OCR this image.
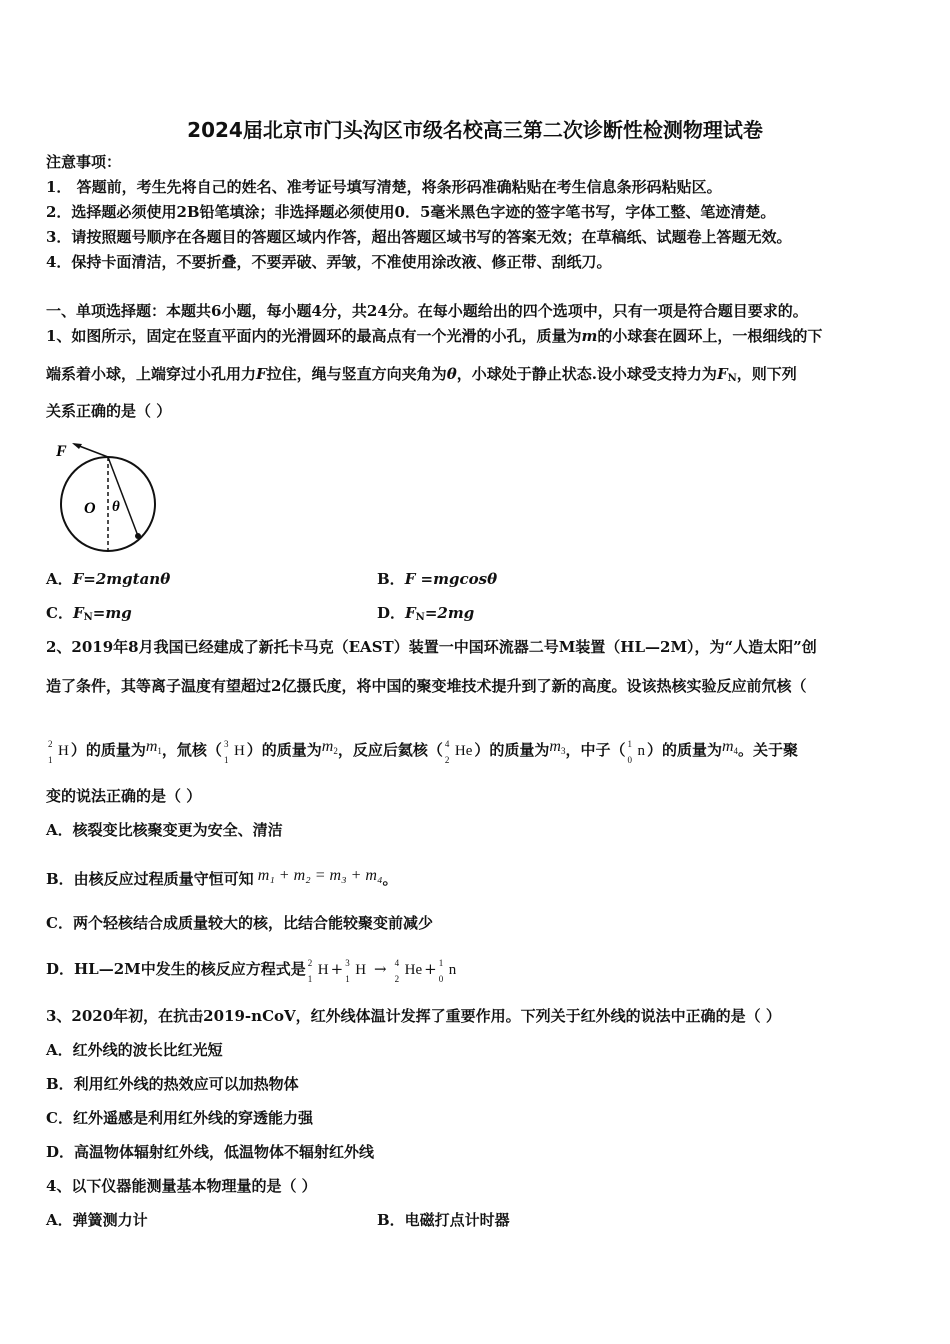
2024届北京市门头沟区市级名校高三第二次诊断性检测物理试卷
注意事项：
1． 答题前，考生先将自己的姓名、准考证号填写清楚，将条形码准确粘贴在考生信息条形码粘贴区。
2．选择题必须使用2B铅笔填涂；非选择题必须使用0．5毫米黑色字迹的签字笔书写，字体工整、笔迹清楚。
3．请按照题号顺序在各题目的答题区域内作答，超出答题区域书写的答案无效；在草稿纸、试题卷上答题无效。
4．保持卡面清洁，不要折叠，不要弄破、弄皱，不准使用涂改液、修正带、刮纸刀。
一、单项选择题：本题共6小题，每小题4分，共24分。在每小题给出的四个选项中，只有一项是符合题目要求的。
1、如图所示，固定在竖直平面内的光滑圆环的最高点有一个光滑的小孔，质量为m的小球套在圆环上，一根细线的下
端系着小球，上端穿过小孔用力F拉住，绳与竖直方向夹角为θ，小球处于静止状态.设小球受支持力为$F_N$，则下列
关系正确的是（ ）
F
O θ
A．F=2mgtanθ	B．F =mgcosθ
C．$F_N=mg$	D．$F_N=2mg$
2、2019年8月我国已经建成了新托卡马克（EAST）装置一中国环流器二号M装置（HL—2M），为“人造太阳”创
造了条件，其等离子温度有望超过2亿摄氏度，将中国的聚变堆技术提升到了新的高度。设该热核实验反应前氘核（
2
1
H ）的质量为m1，氚核（ 3
1
H ）的质量为m2，反应后氦核（ 4
2
He ）的质量为m3，中子（ 1
0
n ）的质量为m4。关于聚
变的说法正确的是（ ）
A．核裂变比核聚变更为安全、清洁
B．由核反应过程质量守恒可知 m₁ + m₂ = m₃ + m₄。
C．两个轻核结合成质量较大的核，比结合能较聚变前减少
D．HL—2M中发生的核反应方程式是 2
1
H + 3
1
H → 4
2
He + 1
0
n
3、2020年初，在抗击2019-nCoV，红外线体温计发挥了重要作用。下列关于红外线的说法中正确的是（ ）
A．红外线的波长比红光短
B．利用红外线的热效应可以加热物体
C．红外遥感是利用红外线的穿透能力强
D．高温物体辐射红外线，低温物体不辐射红外线
4、以下仪器能测量基本物理量的是（ ）
A．弹簧测力计	B．电磁打点计时器
